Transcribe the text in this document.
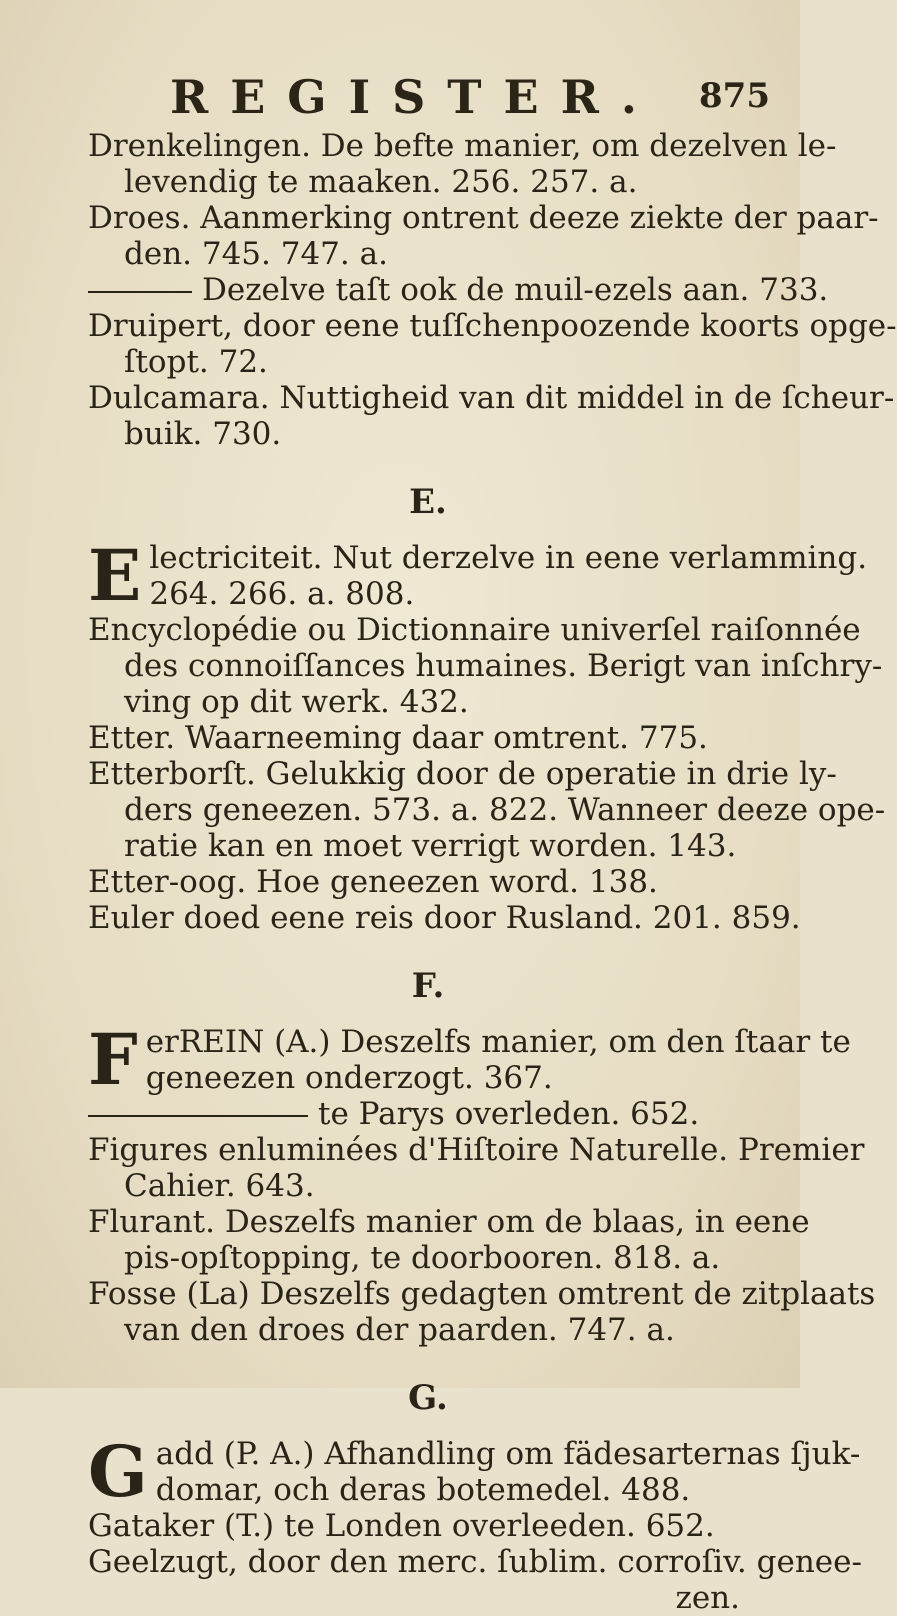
REGISTER. 875

Drenkelingen. De befte manier, om dezelven le-
levendig te maaken. 256. 257. a.

Droes. Aanmerking ontrent deeze ziekte der paar-
den. 745. 747. a.

Dezelve taſt ook de muil-ezels aan. 733.

Druipert, door eene tuſſchenpoozende koorts opge-
ſtopt. 72.

Dulcamara. Nuttigheid van dit middel in de ſcheur-
buik. 730.

E.
E lectriciteit. Nut derzelve in eene verlamming.
264. 266. a. 808.

Encyclopédie ou Dictionnaire univerſel raiſonnée
des connoiſſances humaines. Berigt van inſchry-
ving op dit werk. 432.

Etter. Waarneeming daar omtrent. 775.

Etterborſt. Gelukkig door de operatie in drie ly-
ders geneezen. 573. a. 822. Wanneer deeze ope-
ratie kan en moet verrigt worden. 143.

Etter-oog. Hoe geneezen word. 138.

Euler doed eene reis door Rusland. 201. 859.

F.
F erREIN (A.) Deszelfs manier, om den ſtaar te
geneezen onderzogt. 367.

te Parys overleden. 652.

Figures enluminées d'Hiſtoire Naturelle. Premier
Cahier. 643.

Flurant. Deszelfs manier om de blaas, in eene
pis-opſtopping, te doorbooren. 818. a.

Fosse (La) Deszelfs gedagten omtrent de zitplaats
van den droes der paarden. 747. a.

G.
G add (P. A.) Afhandling om fädesarternas ſjuk-
domar, och deras botemedel. 488.

Gataker (T.) te Londen overleeden. 652.

Geelzugt, door den merc. ſublim. corroſiv. genee-

zen.
